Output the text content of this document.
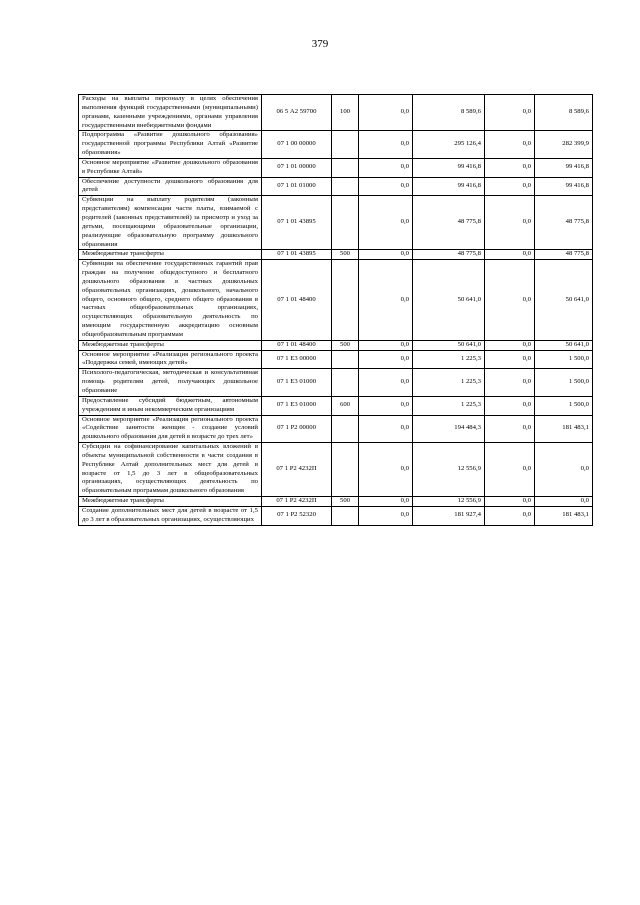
379
Расходы на выплаты персоналу в целях обеспечения выполнения функций государственными (муниципальными) органами, казенными учреждениями, органами управления государственными внебюджетными фондами	06 5 А2 59700	100	0,0	8 589,6	0,0	8 589,6
Подпрограмма «Развитие дошкольного образования» государственной программы Республики Алтай «Развитие образования»	07 1 00 00000		0,0	295 126,4	0,0	282 399,9
Основное мероприятие «Развитие дошкольного образования в Республике Алтай»	07 1 01 00000		0,0	99 416,8	0,0	99 416,8
Обеспечение доступности дошкольного образования для детей	07 1 01 01000		0,0	99 416,8	0,0	99 416,8
Субвенции на выплату родителям (законным представителям) компенсации части платы, взимаемой с родителей (законных представителей) за присмотр и уход за детьми, посещающими образовательные организации, реализующие образовательную программу дошкольного образования	07 1 01 43895		0,0	48 775,8	0,0	48 775,8
Межбюджетные трансферты	07 1 01 43895	500	0,0	48 775,8	0,0	48 775,8
Субвенции на обеспечение государственных гарантий прав граждан на получение общедоступного и бесплатного дошкольного образования в частных дошкольных образовательных организациях, дошкольного, начального общего, основного общего, среднего общего образования в частных общеобразовательных организациях, осуществляющих образовательную деятельность по имеющим государственную аккредитацию основным общеобразовательным программам	07 1 01 48400		0,0	50 641,0	0,0	50 641,0
Межбюджетные трансферты	07 1 01 48400	500	0,0	50 641,0	0,0	50 641,0
Основное мероприятие «Реализация регионального проекта «Поддержка семей, имеющих детей»	07 1 Е3 00000		0,0	1 225,3	0,0	1 500,0
Психолого-педагогическая, методическая и консультативная помощь родителям детей, получающих дошкольное образование	07 1 Е3 01000		0,0	1 225,3	0,0	1 500,0
Предоставление субсидий бюджетным, автономным учреждениям и иным некоммерческим организациям	07 1 Е3 01000	600	0,0	1 225,3	0,0	1 500,0
Основное мероприятие «Реализация регионального проекта «Содействие занятости женщин - создание условий дошкольного образования для детей в возрасте до трех лет»	07 1 Р2 00000		0,0	194 484,3	0,0	181 483,1
Субсидии на софинансирование капитальных вложений в объекты муниципальной собственности в части создания в Республике Алтай дополнительных мест для детей в возрасте от 1,5 до 3 лет в общеобразовательных организациях, осуществляющих деятельность по образовательным программам дошкольного образования	07 1 Р2 4232П		0,0	12 556,9	0,0	0,0
Межбюджетные трансферты	07 1 Р2 4232П	500	0,0	12 556,9	0,0	0,0
Создание дополнительных мест для детей в возрасте от 1,5 до 3 лет в образовательных организациях, осуществляющих	07 1 Р2 52320		0,0	181 927,4	0,0	181 483,1
